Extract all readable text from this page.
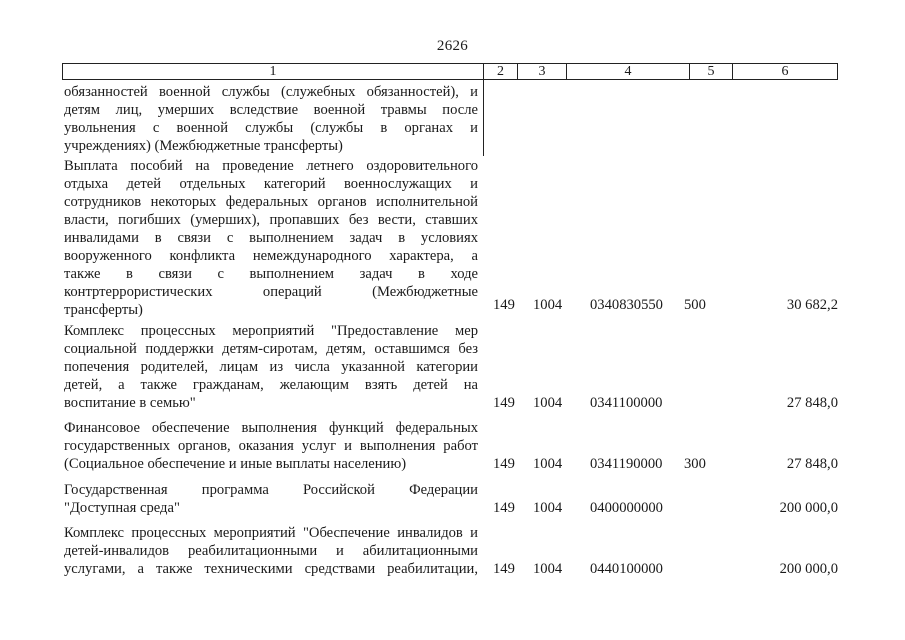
2626
1	2	3	4	5	6
обязанностей военной службы (служебных обязанностей), и
детям лиц, умерших вследствие военной травмы после
увольнения с военной службы (службы в органах и
учреждениях) (Межбюджетные трансферты)
Выплата пособий на проведение летнего оздоровительного
отдыха детей отдельных категорий военнослужащих и
сотрудников некоторых федеральных органов исполнительной
власти, погибших (умерших), пропавших без вести, ставших
инвалидами в связи с выполнением задач в условиях
вооруженного конфликта немеждународного характера, а
также в связи с выполнением задач в ходе
контртеррористических операций (Межбюджетные
трансферты)	149 1004 0340830550 500	30 682,2
Комплекс процессных мероприятий "Предоставление мер
социальной поддержки детям-сиротам, детям, оставшимся без
попечения родителей, лицам из числа указанной категории
детей, а также гражданам, желающим взять детей на
воспитание в семью"	149 1004 0341100000	27 848,0
Финансовое обеспечение выполнения функций федеральных
государственных органов, оказания услуг и выполнения работ
(Социальное обеспечение и иные выплаты населению)	149 1004 0341190000 300	27 848,0
Государственная программа Российской Федерации
"Доступная среда"	149 1004 0400000000	200 000,0
Комплекс процессных мероприятий "Обеспечение инвалидов и
детей-инвалидов реабилитационными и абилитационными
услугами, а также техническими средствами реабилитации, 149 1004 0440100000	200 000,0
